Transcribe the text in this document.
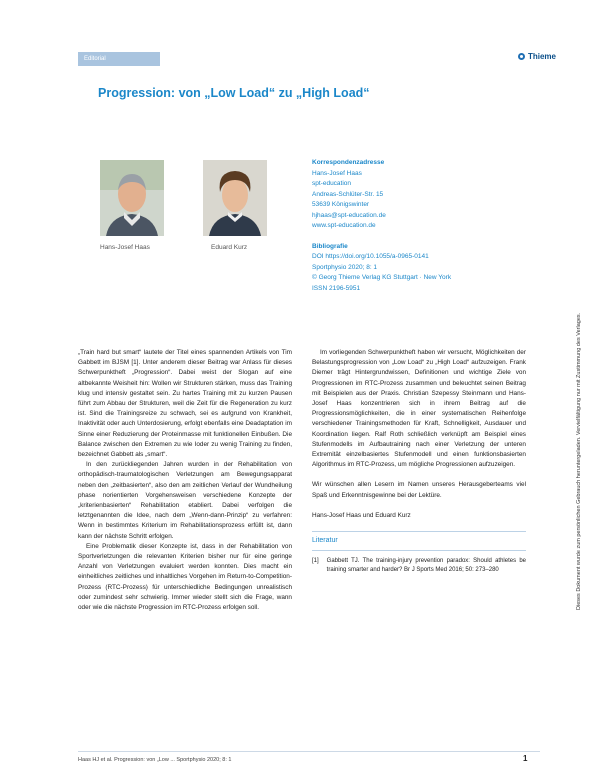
Editorial	Thieme
Progression: von „Low Load“ zu „High Load“
Hans-Josef Haas	Eduard Kurz
Korrespondenzadresse
Hans-Josef Haas
spt-education
Andreas-Schlüter-Str. 15
53639 Königswinter
hjhaas@spt-education.de
www.spt-education.de
Bibliografie
DOI https://doi.org/10.1055/a-0965-0141
Sportphysio 2020; 8: 1
© Georg Thieme Verlag KG Stuttgart · New York
ISSN 2196-5951

„Train hard but smart“ lautete der Titel eines spannenden Artikels von Tim Gabbett im BJSM [1]. Unter anderem dieser Beitrag war Anlass für dieses Schwerpunktheft „Progression“. Dabei weist der Slogan auf eine altbekannte Weisheit hin: Wollen wir Strukturen stärken, muss das Training klug und intensiv gestaltet sein. Zu hartes Training mit zu kurzen Pausen führt zum Abbau der Strukturen, weil die Zeit für die Regeneration zu kurz ist. Sind die Trainingsreize zu schwach, sei es aufgrund von Krankheit, Inaktivität oder auch Unterdosierung, erfolgt ebenfalls eine Deadaptation im Sinne einer Reduzierung der Proteinmasse mit funktionellen Einbußen. Die Balance zwischen den Extremen zu wie Ioder zu wenig Training zu finden, bezeichnet Gabbett als „smart“.

In den zurückliegenden Jahren wurden in der Rehabilitation von orthopädisch-traumatologischen Verletzungen am Bewegungsapparat neben den „zeitbasierten“, also den am zeitlichen Verlauf der Wundheilung phase norientierten Vorgehensweisen verschiedene Konzepte der „kriterienbasierten“ Rehabilitation etabliert. Dabei verfolgen die letztgenannten die Idee, nach dem „Wenn-dann-Prinzip“ zu verfahren: Wenn in bestimmtes Kriterium im Rehabilitationsprozess erfüllt ist, dann kann der nächste Schritt erfolgen.

Eine Problematik dieser Konzepte ist, dass in der Rehabilitation von Sportverletzungen die relevanten Kriterien bisher nur für eine geringe Anzahl von Verletzungen evaluiert werden konnten. Dies macht ein einheitliches zeitliches und inhaltliches Vorgehen im Return-to-Competition-Prozess (RTC-Prozess) für unterschiedliche Bedingungen unrealistisch oder zumindest sehr schwierig. Immer wieder stellt sich die Frage, wann oder wie die nächste Progression im RTC-Prozess erfolgen soll.

Im vorliegenden Schwerpunktheft haben wir versucht, Möglichkeiten der Belastungsprogression von „Low Load“ zu „High Load“ aufzuzeigen. Frank Diemer trägt Hintergrundwissen, Definitionen und wichtige Ziele von Progressionen im RTC-Prozess zusammen und beleuchtet seinen Beitrag mit Beispielen aus der Praxis. Christian Szepessy Steinmann und Hans-Josef Haas konzentrieren sich in ihrem Beitrag auf die Progressionsmöglichkeiten, die in einer systematischen Reihenfolge verschiedener Trainingsmethoden für Kraft, Schnelligkeit, Ausdauer und Koordination liegen. Ralf Roth schließlich verknüpft am Beispiel eines Stufenmodells im Aufbautraining nach einer Verletzung der unteren Extremität einzelbasiertes Stufenmodell und einen funktionsbasierten Algorithmus im RTC-Prozess, um mögliche Progressionen aufzuzeigen.

Wir wünschen allen Lesern im Namen unseres Herausgeberteams viel Spaß und Erkenntnisgewinne bei der Lektüre.

Hans-Josef Haas und Eduard Kurz

Literatur
[1] Gabbett TJ. The training-injury prevention paradox: Should athletes be training smarter and harder? Br J Sports Med 2016; 50: 273–280	Dieses Dokument wurde zum persönlichen Gebrauch heruntergeladen. Vervielfältigung nur mit Zustimmung des Verlages.
Haas HJ et al. Progression: von „Low ... Sportphysio 2020; 8: 1	1
